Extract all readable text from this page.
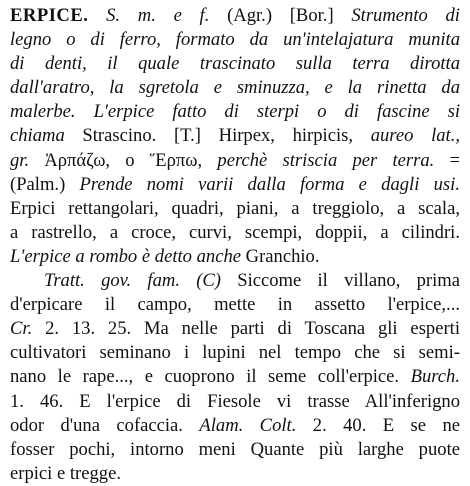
ERPICE. S. m. e f. (Agr.) [Bor.] Strumento di
legno o di ferro, formato da un'intelajatura munita
di denti, il quale trascinato sulla terra dirotta
dall'aratro, la sgretola e sminuzza, e la rinetta da
malerbe. L'erpice fatto di sterpi o di fascine si
chiama Strascino. [T.] Hirpex, hirpicis, aureo lat.,
gr. Ἀρπάζω, o Ἕρπω, perchè striscia per terra. =
(Palm.) Prende nomi varii dalla forma e dagli usi.
Erpici rettangolari, quadri, piani, a treggiolo, a scala,
a rastrello, a croce, curvi, scempi, doppii, a cilindri.
L'erpice a rombo è detto anche Granchio.
Tratt. gov. fam. (C) Siccome il villano, prima
d'erpicare il campo, mette in assetto l'erpice,...
Cr. 2. 13. 25. Ma nelle parti di Toscana gli esperti
cultivatori seminano i lupini nel tempo che si semi-
nano le rape..., e cuoprono il seme coll'erpice. Burch.
1. 46. E l'erpice di Fiesole vi trasse All'inferigno
odor d'una cofaccia. Alam. Colt. 2. 40. E se ne
fosser pochi, intorno meni Quante più larghe puote
erpici e tregge.
